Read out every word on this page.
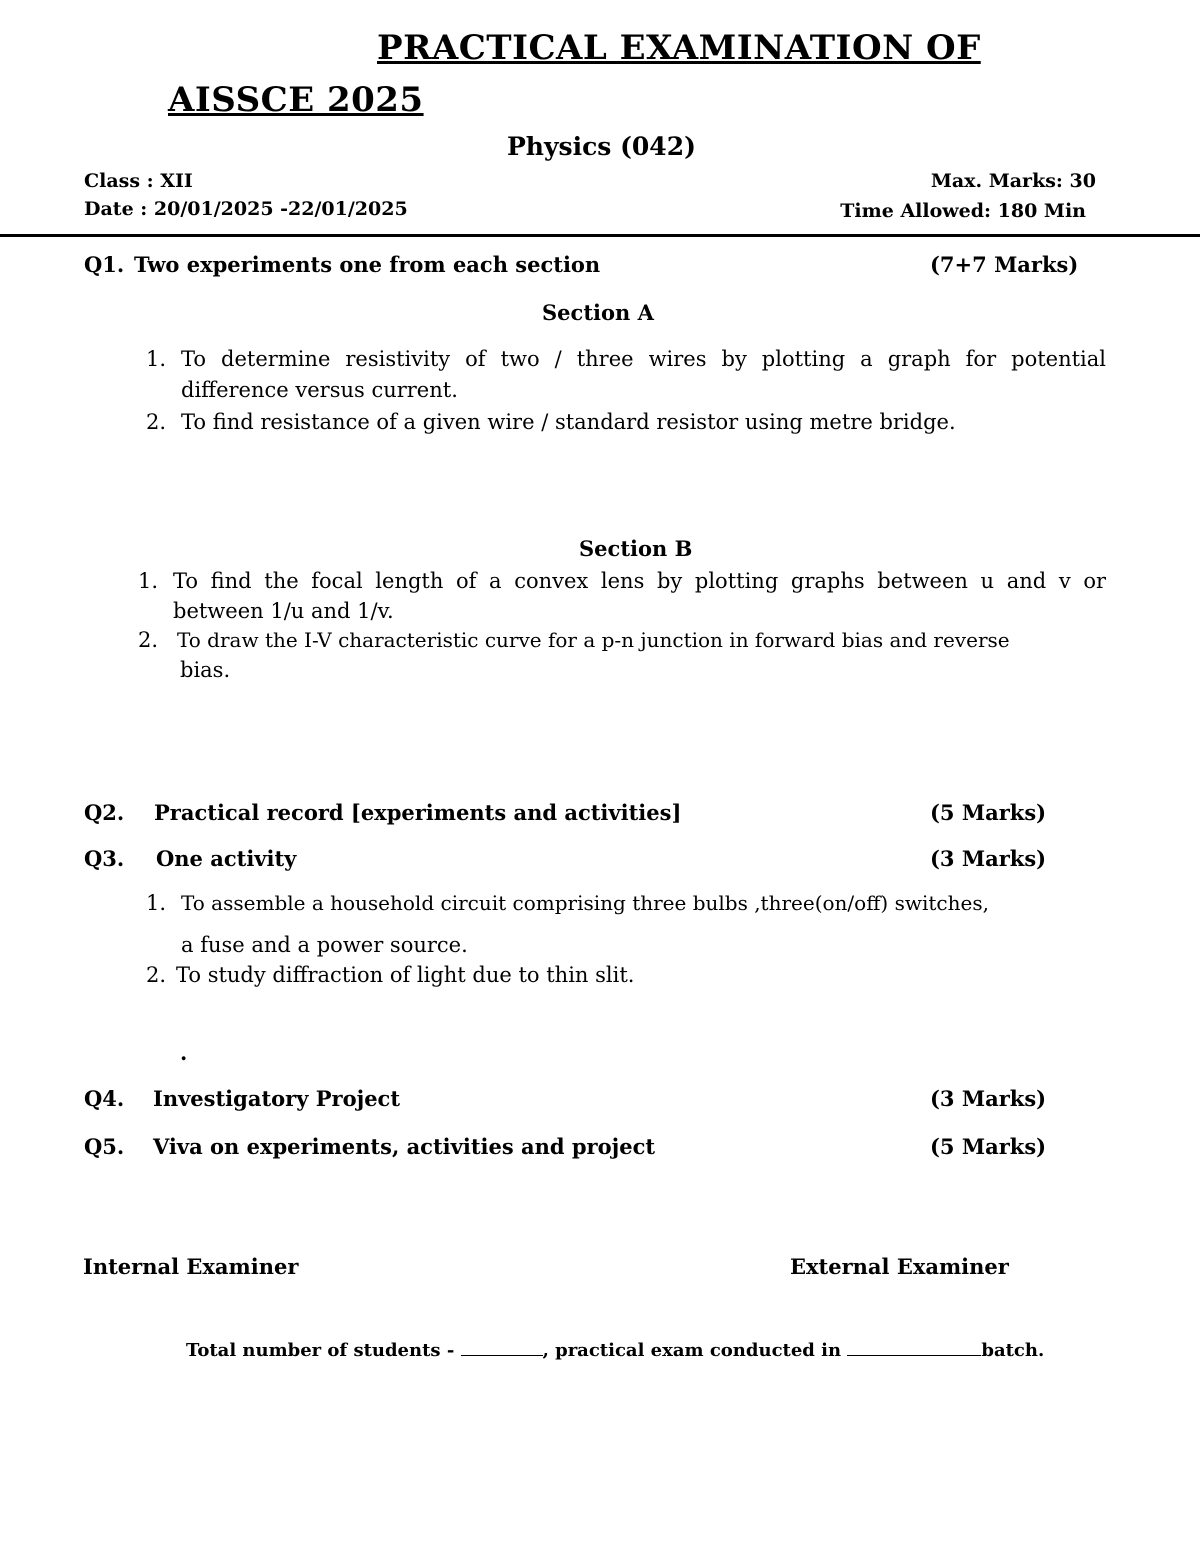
PRACTICAL EXAMINATION OF
AISSCE 2025
Physics (042)
Class : XII
Date : 20/01/2025 -22/01/2025
Max. Marks: 30
Time Allowed: 180 Min
Q1. Two experiments one from each section	(7+7 Marks)
Section A
1. To determine resistivity of two / three wires by plotting a graph for potential
difference versus current.
2. To find resistance of a given wire / standard resistor using metre bridge.
Section B
1. To find the focal length of a convex lens by plotting graphs between u and v or
between 1/u and 1/v.
2. To draw the I-V characteristic curve for a p-n junction in forward bias and reverse
bias.
Q2. Practical record [experiments and activities]	(5 Marks)
Q3. One activity	(3 Marks)
1. To assemble a household circuit comprising three bulbs ,three(on/off) switches,
a fuse and a power source.
2. To study diffraction of light due to thin slit.
.
Q4. Investigatory Project	(3 Marks)
Q5. Viva on experiments, activities and project	(5 Marks)
Internal Examiner	External Examiner
Total number of students -	, practical exam conducted in	batch.
